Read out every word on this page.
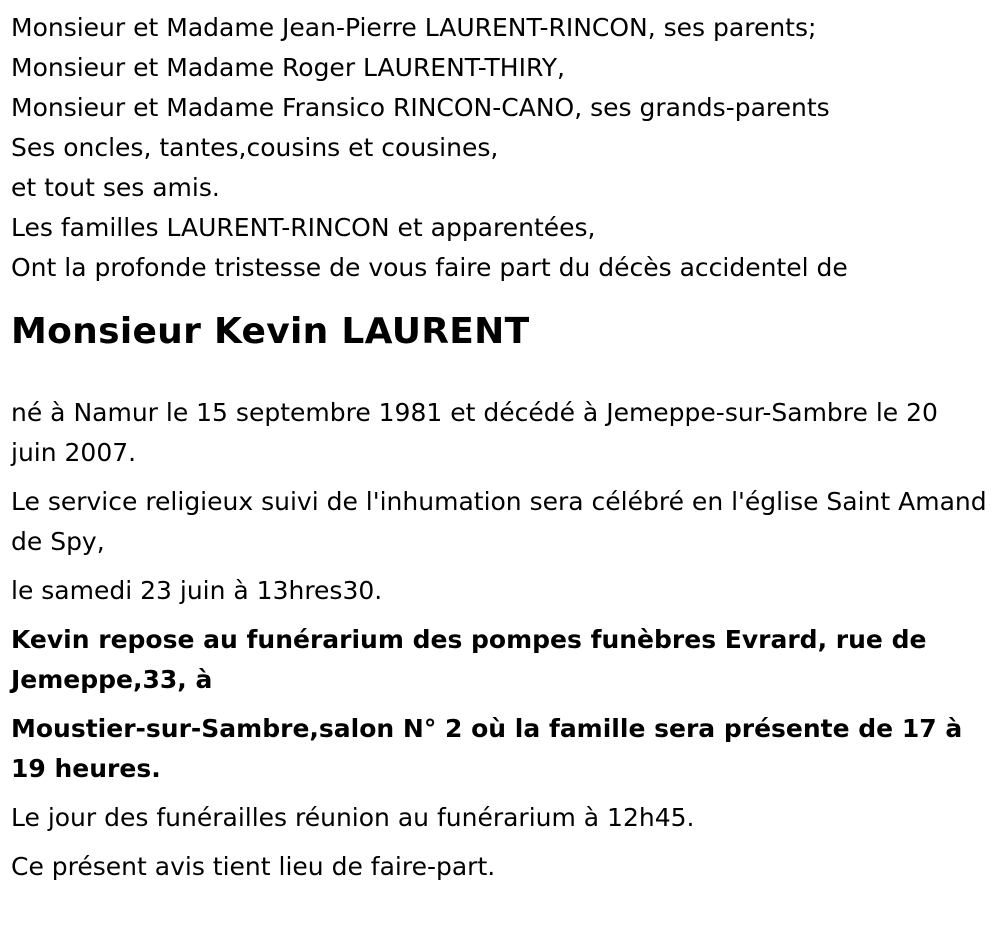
Monsieur et Madame Jean-Pierre LAURENT-RINCON, ses parents;
Monsieur et Madame Roger LAURENT-THIRY,
Monsieur et Madame Fransico RINCON-CANO, ses grands-parents
Ses oncles, tantes,cousins et cousines,
et tout ses amis.
Les familles LAURENT-RINCON et apparentées,
Ont la profonde tristesse de vous faire part du décès accidentel de
Monsieur Kevin LAURENT

né à Namur le 15 septembre 1981 et décédé à Jemeppe-sur-Sambre le 20 juin 2007.

Le service religieux suivi de l'inhumation sera célébré en l'église Saint Amand de Spy,

le samedi 23 juin à 13hres30.

Kevin repose au funérarium des pompes funèbres Evrard, rue de Jemeppe,33, à

Moustier-sur-Sambre,salon N° 2 où la famille sera présente de 17 à 19 heures.

Le jour des funérailles réunion au funérarium à 12h45.

Ce présent avis tient lieu de faire-part.
